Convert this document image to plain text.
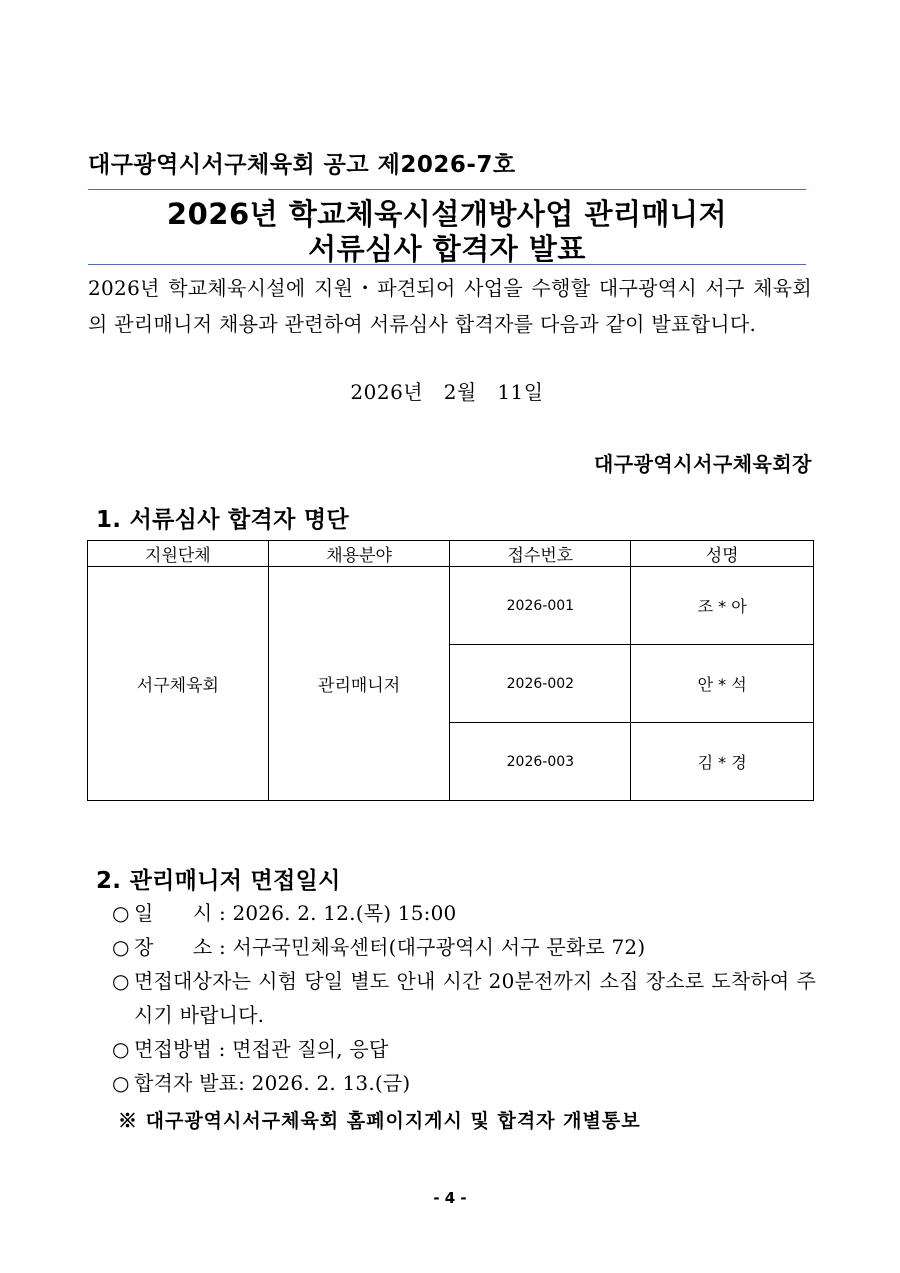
대구광역시서구체육회 공고 제2026-7호
2026년 학교체육시설개방사업 관리매니저
서류심사 합격자 발표
2026년 학교체육시설에 지원・파견되어 사업을 수행할 대구광역시 서구 체육회의 관리매니저 채용과 관련하여 서류심사 합격자를 다음과 같이 발표합니다.
2026년   2월   11일
대구광역시서구체육회장
1. 서류심사 합격자 명단
지원단체	채용분야	접수번호	성명
서구체육회	관리매니저	2026-001	조 * 아
		2026-002	안 * 석
		2026-003	김 * 경
2. 관리매니저 면접일시
○ 일      시 : 2026. 2. 12.(목) 15:00
○ 장      소 : 서구국민체육센터(대구광역시 서구 문화로 72)
○ 면접대상자는 시험 당일 별도 안내 시간 20분전까지 소집 장소로 도착하여 주시기 바랍니다.
○ 면접방법 : 면접관 질의, 응답
○ 합격자 발표: 2026. 2. 13.(금)
※ 대구광역시서구체육회 홈페이지게시 및 합격자 개별통보
- 4 -
